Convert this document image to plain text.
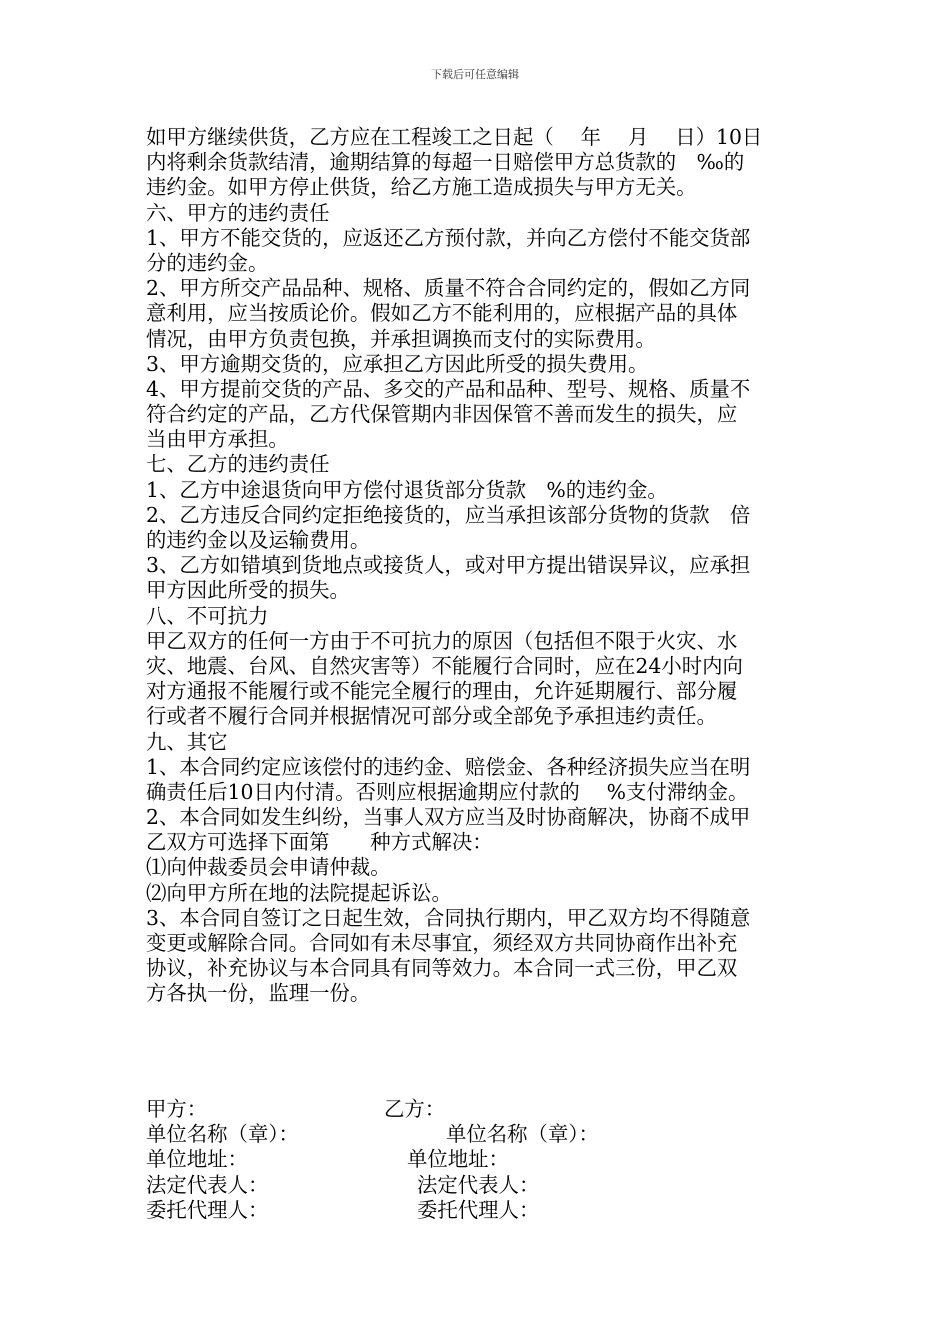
下载后可任意编辑
如甲方继续供货，乙方应在工程竣工之日起（　 年　 月　 日）10日
内将剩余货款结清，逾期结算的每超一日赔偿甲方总货款的　‰的
违约金。如甲方停止供货，给乙方施工造成损失与甲方无关。
六、甲方的违约责任
1、甲方不能交货的，应返还乙方预付款，并向乙方偿付不能交货部
分的违约金。
2、甲方所交产品品种、规格、质量不符合合同约定的，假如乙方同
意利用，应当按质论价。假如乙方不能利用的，应根据产品的具体
情况，由甲方负责包换，并承担调换而支付的实际费用。
3、甲方逾期交货的，应承担乙方因此所受的损失费用。
4、甲方提前交货的产品、多交的产品和品种、型号、规格、质量不
符合约定的产品，乙方代保管期内非因保管不善而发生的损失，应
当由甲方承担。
七、乙方的违约责任
1、乙方中途退货向甲方偿付退货部分货款　%的违约金。
2、乙方违反合同约定拒绝接货的，应当承担该部分货物的货款　倍
的违约金以及运输费用。
3、乙方如错填到货地点或接货人，或对甲方提出错误异议，应承担
甲方因此所受的损失。
八、不可抗力
甲乙双方的任何一方由于不可抗力的原因（包括但不限于火灾、水
灾、地震、台风、自然灾害等）不能履行合同时，应在24小时内向
对方通报不能履行或不能完全履行的理由，允许延期履行、部分履
行或者不履行合同并根据情况可部分或全部免予承担违约责任。
九、其它
1、本合同约定应该偿付的违约金、赔偿金、各种经济损失应当在明
确责任后10日内付清。否则应根据逾期应付款的　 %支付滞纳金。
2、本合同如发生纠纷，当事人双方应当及时协商解决，协商不成甲
乙双方可选择下面第　　种方式解决：
⑴向仲裁委员会申请仲裁。
⑵向甲方所在地的法院提起诉讼。
3、本合同自签订之日起生效，合同执行期内，甲乙双方均不得随意
变更或解除合同。合同如有未尽事宜，须经双方共同协商作出补充
协议，补充协议与本合同具有同等效力。本合同一式三份，甲乙双
方各执一份，监理一份。
甲方：	乙方：
单位名称（章）：	单位名称（章）：
单位地址：	单位地址：
法定代表人：	法定代表人：
委托代理人：	委托代理人：
